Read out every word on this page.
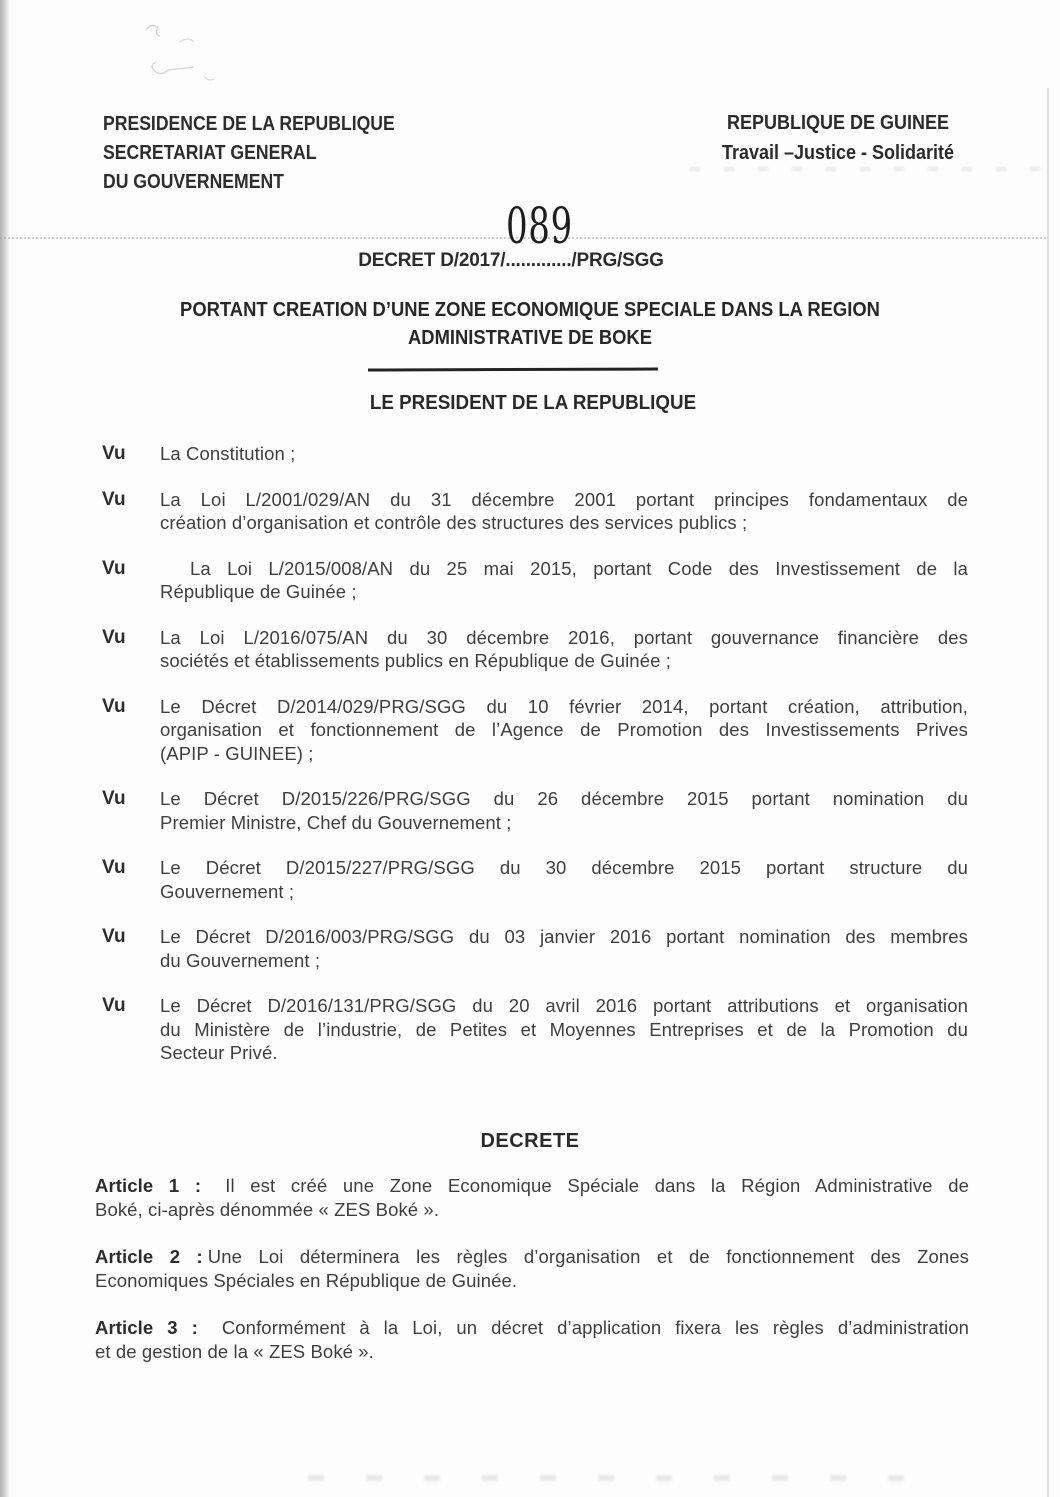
PRESIDENCE DE LA REPUBLIQUE
SECRETARIAT GENERAL
DU GOUVERNEMENT
REPUBLIQUE DE GUINEE
Travail –Justice - Solidarité
089
DECRET D/2017/............./PRG/SGG
PORTANT CREATION D’UNE ZONE ECONOMIQUE SPECIALE DANS LA REGION
ADMINISTRATIVE DE BOKE
LE PRESIDENT DE LA REPUBLIQUE
Vu	La Constitution ;
Vu	La Loi L/2001/029/AN du 31 décembre 2001 portant principes fondamentaux de
création d’organisation et contrôle des structures des services publics ;
Vu	La Loi L/2015/008/AN du 25 mai 2015, portant Code des Investissement de la
République de Guinée ;
Vu	La Loi L/2016/075/AN du 30 décembre 2016, portant gouvernance financière des
sociétés et établissements publics en République de Guinée ;
Vu	Le Décret D/2014/029/PRG/SGG du 10 février 2014, portant création, attribution,
organisation et fonctionnement de l’Agence de Promotion des Investissements Prives
(APIP - GUINEE) ;
Vu	Le Décret D/2015/226/PRG/SGG du 26 décembre 2015 portant nomination du
Premier Ministre, Chef du Gouvernement ;
Vu	Le Décret D/2015/227/PRG/SGG du 30 décembre 2015 portant structure du
Gouvernement ;
Vu	Le Décret D/2016/003/PRG/SGG du 03 janvier 2016 portant nomination des membres
du Gouvernement ;
Vu	Le Décret D/2016/131/PRG/SGG du 20 avril 2016 portant attributions et organisation
du Ministère de l’industrie, de Petites et Moyennes Entreprises et de la Promotion du
Secteur Privé.
DECRETE
Article 1 : Il est créé une Zone Economique Spéciale dans la Région Administrative de
Boké, ci-après dénommée « ZES Boké ».
Article 2 : Une Loi déterminera les règles d’organisation et de fonctionnement des Zones
Economiques Spéciales en République de Guinée.
Article 3 : Conformément à la Loi, un décret d’application fixera les règles d’administration
et de gestion de la « ZES Boké ».
